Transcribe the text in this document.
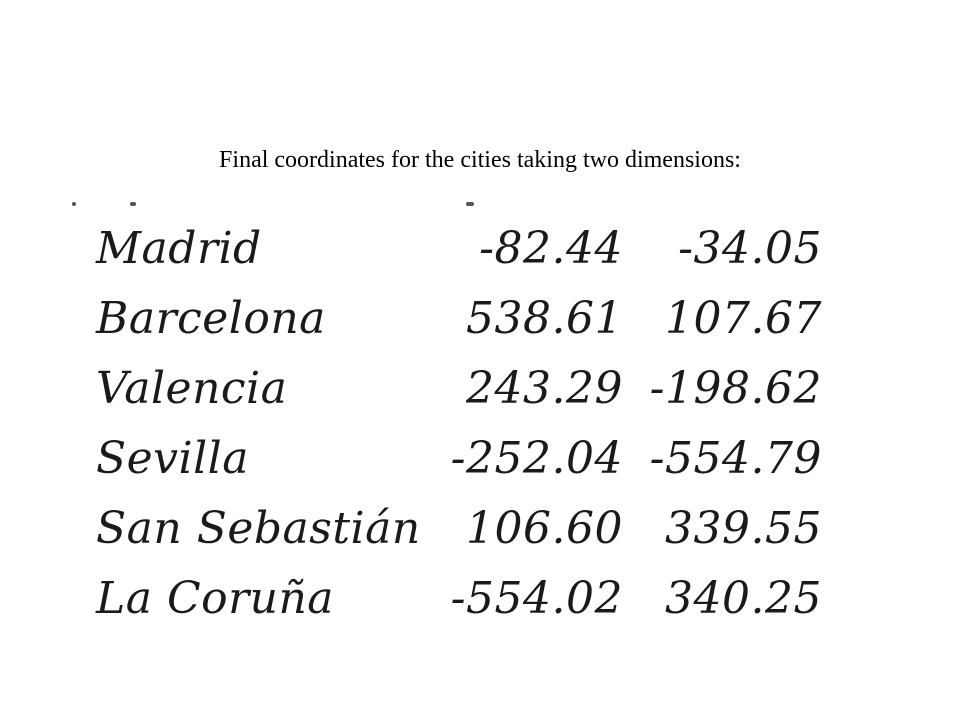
Final coordinates for the cities taking two dimensions:
Madrid	-82.44	-34.05
Barcelona	538.61	107.67
Valencia	243.29	-198.62
Sevilla	-252.04	-554.79
San Sebastián	106.60	339.55
La Coruña	-554.02	340.25
